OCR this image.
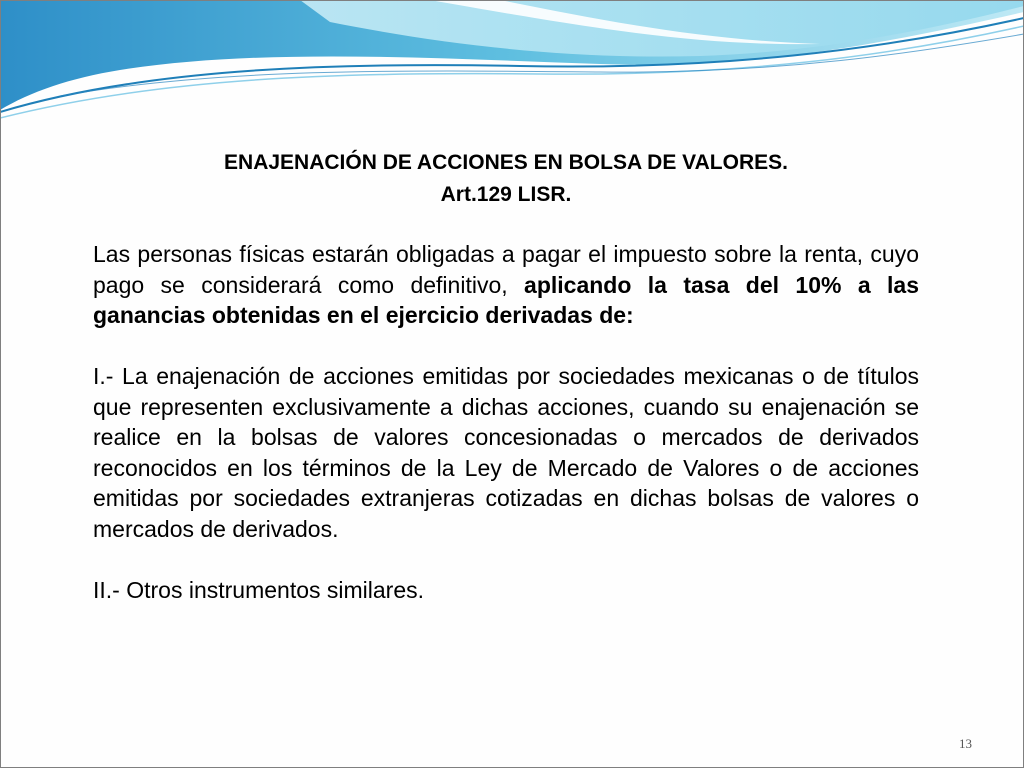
ENAJENACIÓN DE ACCIONES EN BOLSA DE VALORES.
Art.129 LISR.

Las personas físicas estarán obligadas a pagar el impuesto sobre la renta, cuyo pago se considerará como definitivo, aplicando la tasa del 10% a las ganancias obtenidas en el ejercicio derivadas de:

I.- La enajenación de acciones emitidas por sociedades mexicanas o de títulos que representen exclusivamente a dichas acciones, cuando su enajenación se realice en la bolsas de valores concesionadas o mercados de derivados reconocidos en los términos de la Ley de Mercado de Valores o de acciones emitidas por sociedades extranjeras cotizadas en dichas bolsas de valores o mercados de derivados.

II.- Otros instrumentos similares.

13
